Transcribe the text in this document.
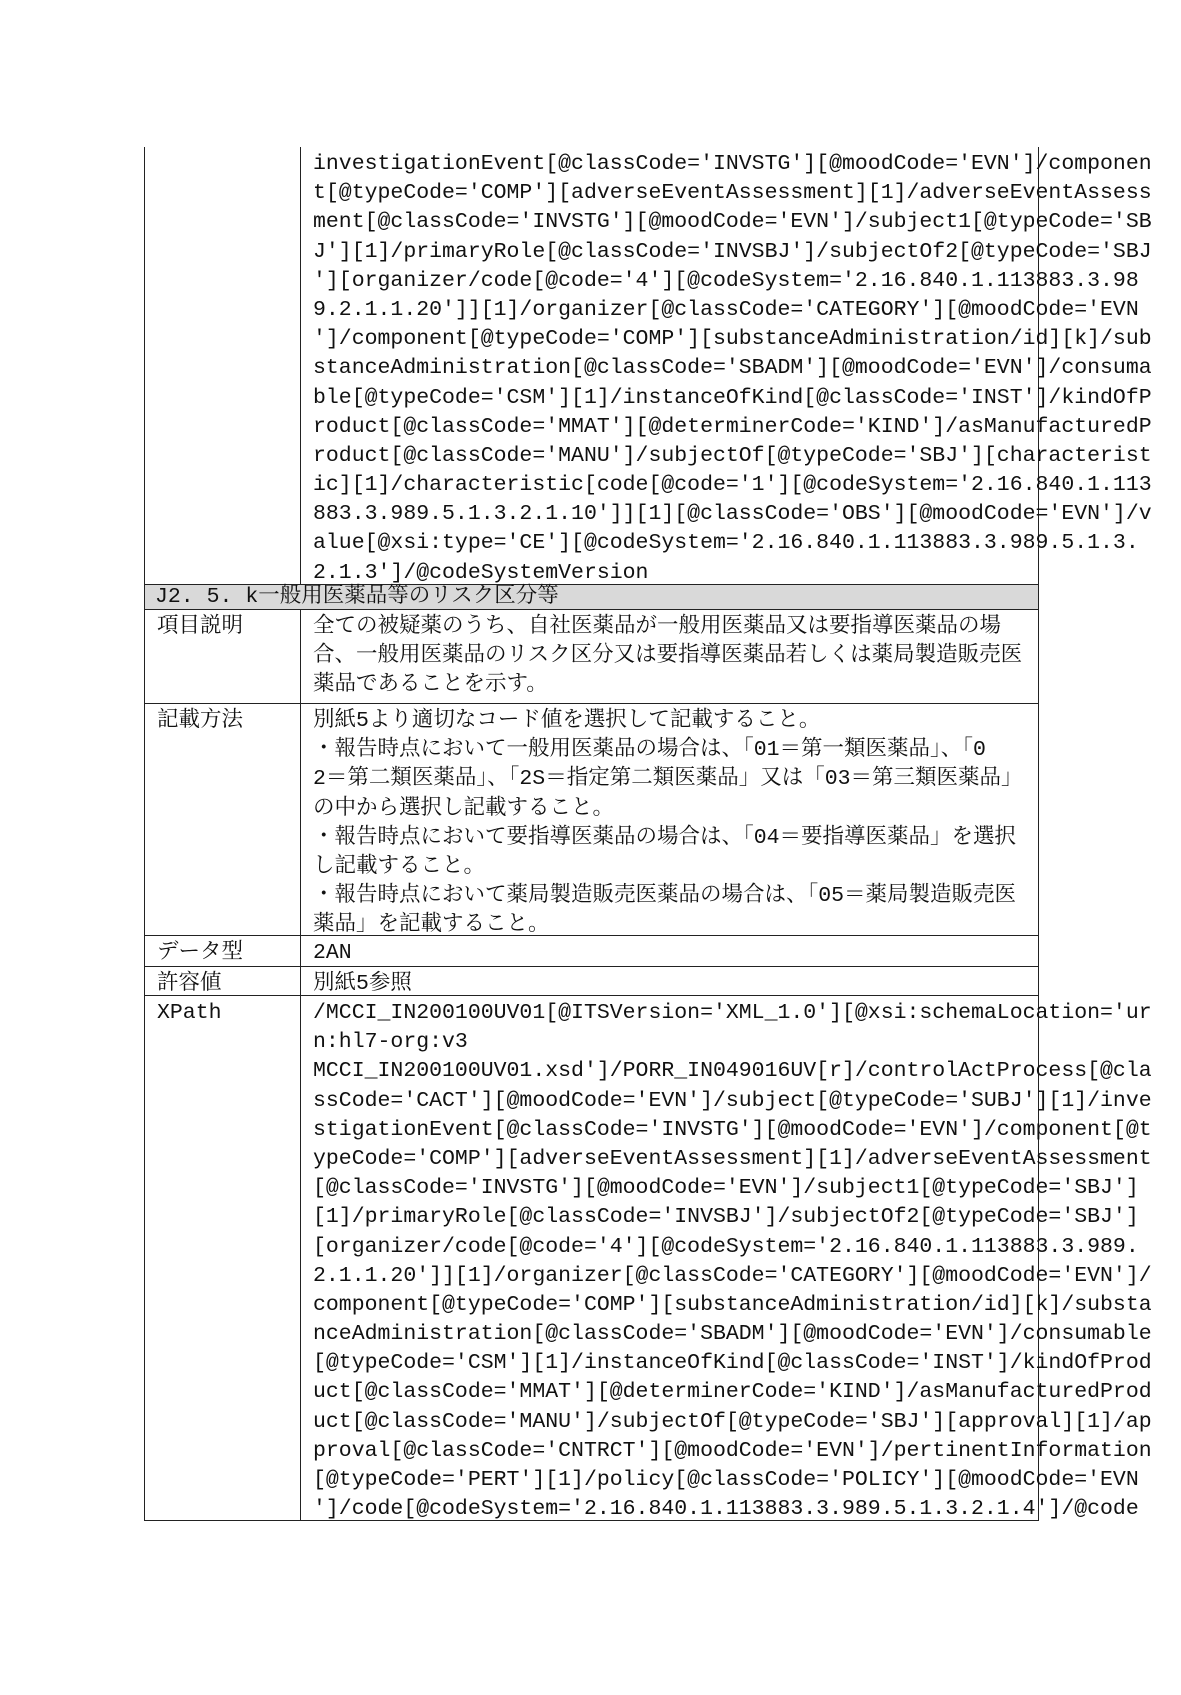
investigationEvent[@classCode='INVSTG'][@moodCode='EVN']/componen
t[@typeCode='COMP'][adverseEventAssessment][1]/adverseEventAssess
ment[@classCode='INVSTG'][@moodCode='EVN']/subject1[@typeCode='SB
J'][1]/primaryRole[@classCode='INVSBJ']/subjectOf2[@typeCode='SBJ
'][organizer/code[@code='4'][@codeSystem='2.16.840.1.113883.3.98
9.2.1.1.20']][1]/organizer[@classCode='CATEGORY'][@moodCode='EVN
']/component[@typeCode='COMP'][substanceAdministration/id][k]/sub
stanceAdministration[@classCode='SBADM'][@moodCode='EVN']/consuma
ble[@typeCode='CSM'][1]/instanceOfKind[@classCode='INST']/kindOfP
roduct[@classCode='MMAT'][@determinerCode='KIND']/asManufacturedP
roduct[@classCode='MANU']/subjectOf[@typeCode='SBJ'][characterist
ic][1]/characteristic[code[@code='1'][@codeSystem='2.16.840.1.113
883.3.989.5.1.3.2.1.10']][1][@classCode='OBS'][@moodCode='EVN']/v
alue[@xsi:type='CE'][@codeSystem='2.16.840.1.113883.3.989.5.1.3.
2.1.3']/@codeSystemVersion
J2. 5. k一般用医薬品等のリスク区分等
項目説明	全ての被疑薬のうち、自社医薬品が一般用医薬品又は要指導医薬品の場
合、一般用医薬品のリスク区分又は要指導医薬品若しくは薬局製造販売医
薬品であることを示す。
記載方法	別紙5より適切なコード値を選択して記載すること。
・報告時点において一般用医薬品の場合は、「01＝第一類医薬品」、「0
2＝第二類医薬品」、「2S＝指定第二類医薬品」又は「03＝第三類医薬品」
の中から選択し記載すること。
・報告時点において要指導医薬品の場合は、「04＝要指導医薬品」を選択
し記載すること。
・報告時点において薬局製造販売医薬品の場合は、「05＝薬局製造販売医
薬品」を記載すること。
データ型	2AN
許容値	別紙5参照
XPath	/MCCI_IN200100UV01[@ITSVersion='XML_1.0'][@xsi:schemaLocation='ur
n:hl7-org:v3
MCCI_IN200100UV01.xsd']/PORR_IN049016UV[r]/controlActProcess[@cla
ssCode='CACT'][@moodCode='EVN']/subject[@typeCode='SUBJ'][1]/inve
stigationEvent[@classCode='INVSTG'][@moodCode='EVN']/component[@t
ypeCode='COMP'][adverseEventAssessment][1]/adverseEventAssessment
[@classCode='INVSTG'][@moodCode='EVN']/subject1[@typeCode='SBJ']
[1]/primaryRole[@classCode='INVSBJ']/subjectOf2[@typeCode='SBJ']
[organizer/code[@code='4'][@codeSystem='2.16.840.1.113883.3.989.
2.1.1.20']][1]/organizer[@classCode='CATEGORY'][@moodCode='EVN']/
component[@typeCode='COMP'][substanceAdministration/id][k]/substa
nceAdministration[@classCode='SBADM'][@moodCode='EVN']/consumable
[@typeCode='CSM'][1]/instanceOfKind[@classCode='INST']/kindOfProd
uct[@classCode='MMAT'][@determinerCode='KIND']/asManufacturedProd
uct[@classCode='MANU']/subjectOf[@typeCode='SBJ'][approval][1]/ap
proval[@classCode='CNTRCT'][@moodCode='EVN']/pertinentInformation
[@typeCode='PERT'][1]/policy[@classCode='POLICY'][@moodCode='EVN
']/code[@codeSystem='2.16.840.1.113883.3.989.5.1.3.2.1.4']/@code
